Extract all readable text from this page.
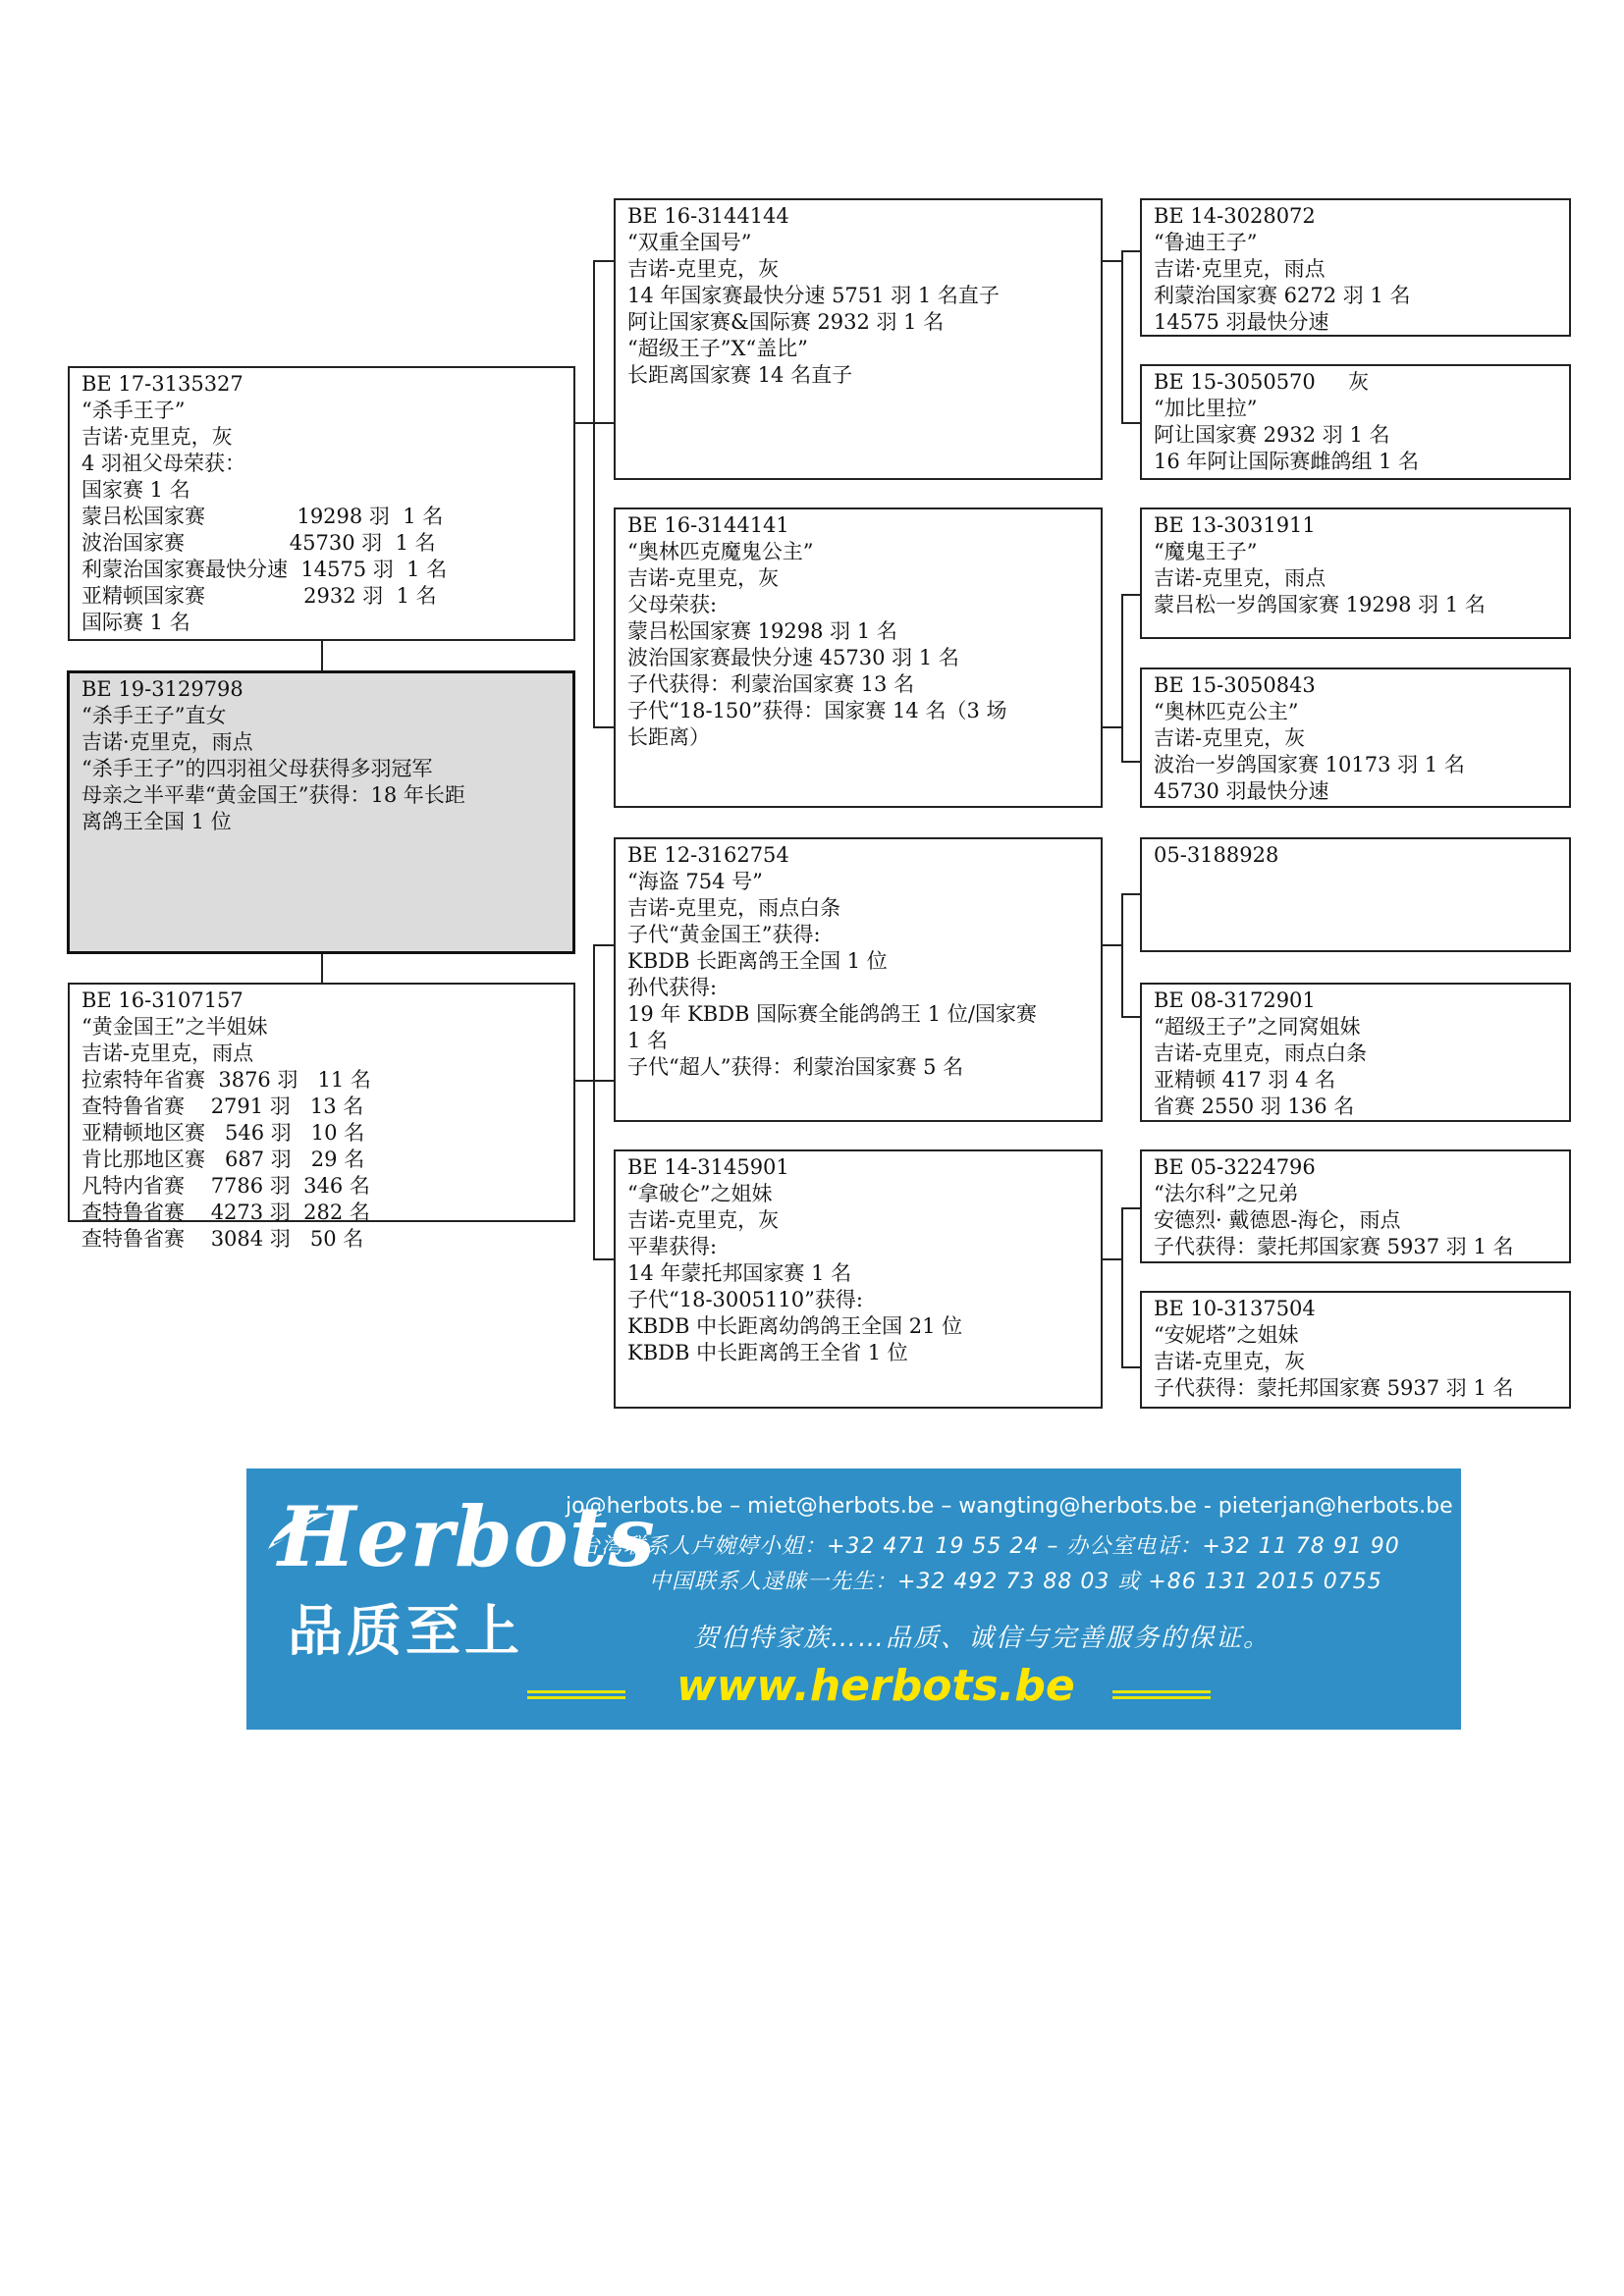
BE 17-3135327
“杀手王子”
吉诺·克里克，灰
4 羽祖父母荣获：
国家赛 1 名
蒙吕松国家赛              19298 羽  1 名
波治国家赛                45730 羽  1 名
利蒙治国家赛最快分速  14575 羽  1 名
亚精顿国家赛               2932 羽  1 名
国际赛 1 名
BE 19-3129798
“杀手王子”直女
吉诺·克里克，雨点
“杀手王子”的四羽祖父母获得多羽冠军
母亲之半平辈“黄金国王”获得：18 年长距
离鸽王全国 1 位
BE 16-3107157
“黄金国王”之半姐妹
吉诺-克里克，雨点
拉索特年省赛  3876 羽   11 名
查特鲁省赛    2791 羽   13 名
亚精顿地区赛   546 羽   10 名
肯比那地区赛   687 羽   29 名
凡特内省赛    7786 羽  346 名
查特鲁省赛    4273 羽  282 名
查特鲁省赛    3084 羽   50 名
BE 16-3144144
“双重全国号”
吉诺-克里克，灰
14 年国家赛最快分速 5751 羽 1 名直子
阿让国家赛&国际赛 2932 羽 1 名
“超级王子”X“盖比”
长距离国家赛 14 名直子
BE 16-3144141
“奥林匹克魔鬼公主”
吉诺-克里克，灰
父母荣获:
蒙吕松国家赛 19298 羽 1 名
波治国家赛最快分速 45730 羽 1 名
子代获得：利蒙治国家赛 13 名
子代“18-150”获得：国家赛 14 名（3 场
长距离）
BE 12-3162754
“海盗 754 号”
吉诺-克里克，雨点白条
子代“黄金国王”获得:
KBDB 长距离鸽王全国 1 位
孙代获得:
19 年 KBDB 国际赛全能鸽鸽王 1 位/国家赛
1 名
子代“超人”获得：利蒙治国家赛 5 名
BE 14-3145901
“拿破仑”之姐妹
吉诺-克里克，灰
平辈获得:
14 年蒙托邦国家赛 1 名
子代“18-3005110”获得:
KBDB 中长距离幼鸽鸽王全国 21 位
KBDB 中长距离鸽王全省 1 位
BE 14-3028072
“鲁迪王子”
吉诺·克里克，雨点
利蒙治国家赛 6272 羽 1 名
14575 羽最快分速
BE 15-3050570     灰
“加比里拉”
阿让国家赛 2932 羽 1 名
16 年阿让国际赛雌鸽组 1 名
BE 13-3031911
“魔鬼王子”
吉诺-克里克，雨点
蒙吕松一岁鸽国家赛 19298 羽 1 名
BE 15-3050843
“奥林匹克公主”
吉诺-克里克，灰
波治一岁鸽国家赛 10173 羽 1 名
45730 羽最快分速
05-3188928
BE 08-3172901
“超级王子”之同窝姐妹
吉诺-克里克，雨点白条
亚精顿 417 羽 4 名
省赛 2550 羽 136 名
BE 05-3224796
“法尔科”之兄弟
安德烈· 戴德恩-海仑，雨点
子代获得：蒙托邦国家赛 5937 羽 1 名
BE 10-3137504
“安妮塔”之姐妹
吉诺-克里克，灰
子代获得：蒙托邦国家赛 5937 羽 1 名
Herbots
品质至上
jo@herbots.be – miet@herbots.be – wangting@herbots.be - pieterjan@herbots.be
台湾联系人卢婉婷小姐：+32 471 19 55 24 – 办公室电话：+32 11 78 91 90
中国联系人逯睐一先生：+32 492 73 88 03 或 +86 131 2015 0755
贺伯特家族……品质、诚信与完善服务的保证。
www.herbots.be
